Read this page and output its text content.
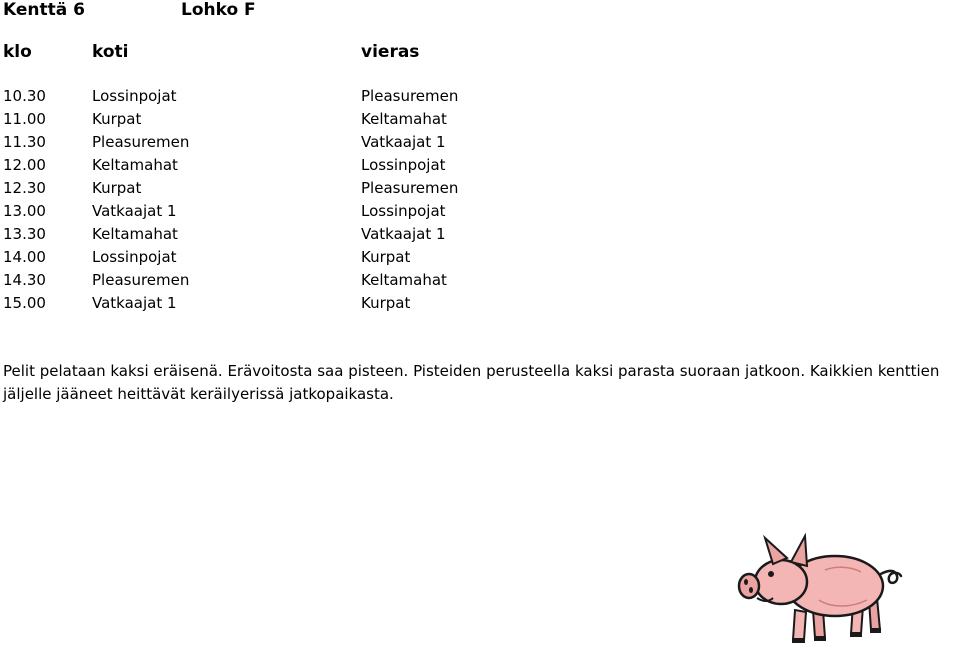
Kenttä 6	Lohko F
klo	koti	vieras
10.30	Lossinpojat	Pleasuremen
11.00	Kurpat	Keltamahat
11.30	Pleasuremen	Vatkaajat 1
12.00	Keltamahat	Lossinpojat
12.30	Kurpat	Pleasuremen
13.00	Vatkaajat 1	Lossinpojat
13.30	Keltamahat	Vatkaajat 1
14.00	Lossinpojat	Kurpat
14.30	Pleasuremen	Keltamahat
15.00	Vatkaajat 1	Kurpat

Pelit pelataan kaksi eräisenä. Erävoitosta saa pisteen. Pisteiden perusteella kaksi parasta suoraan jatkoon. Kaikkien kenttien

jäljelle jääneet heittävät keräilyerissä jatkopaikasta.
